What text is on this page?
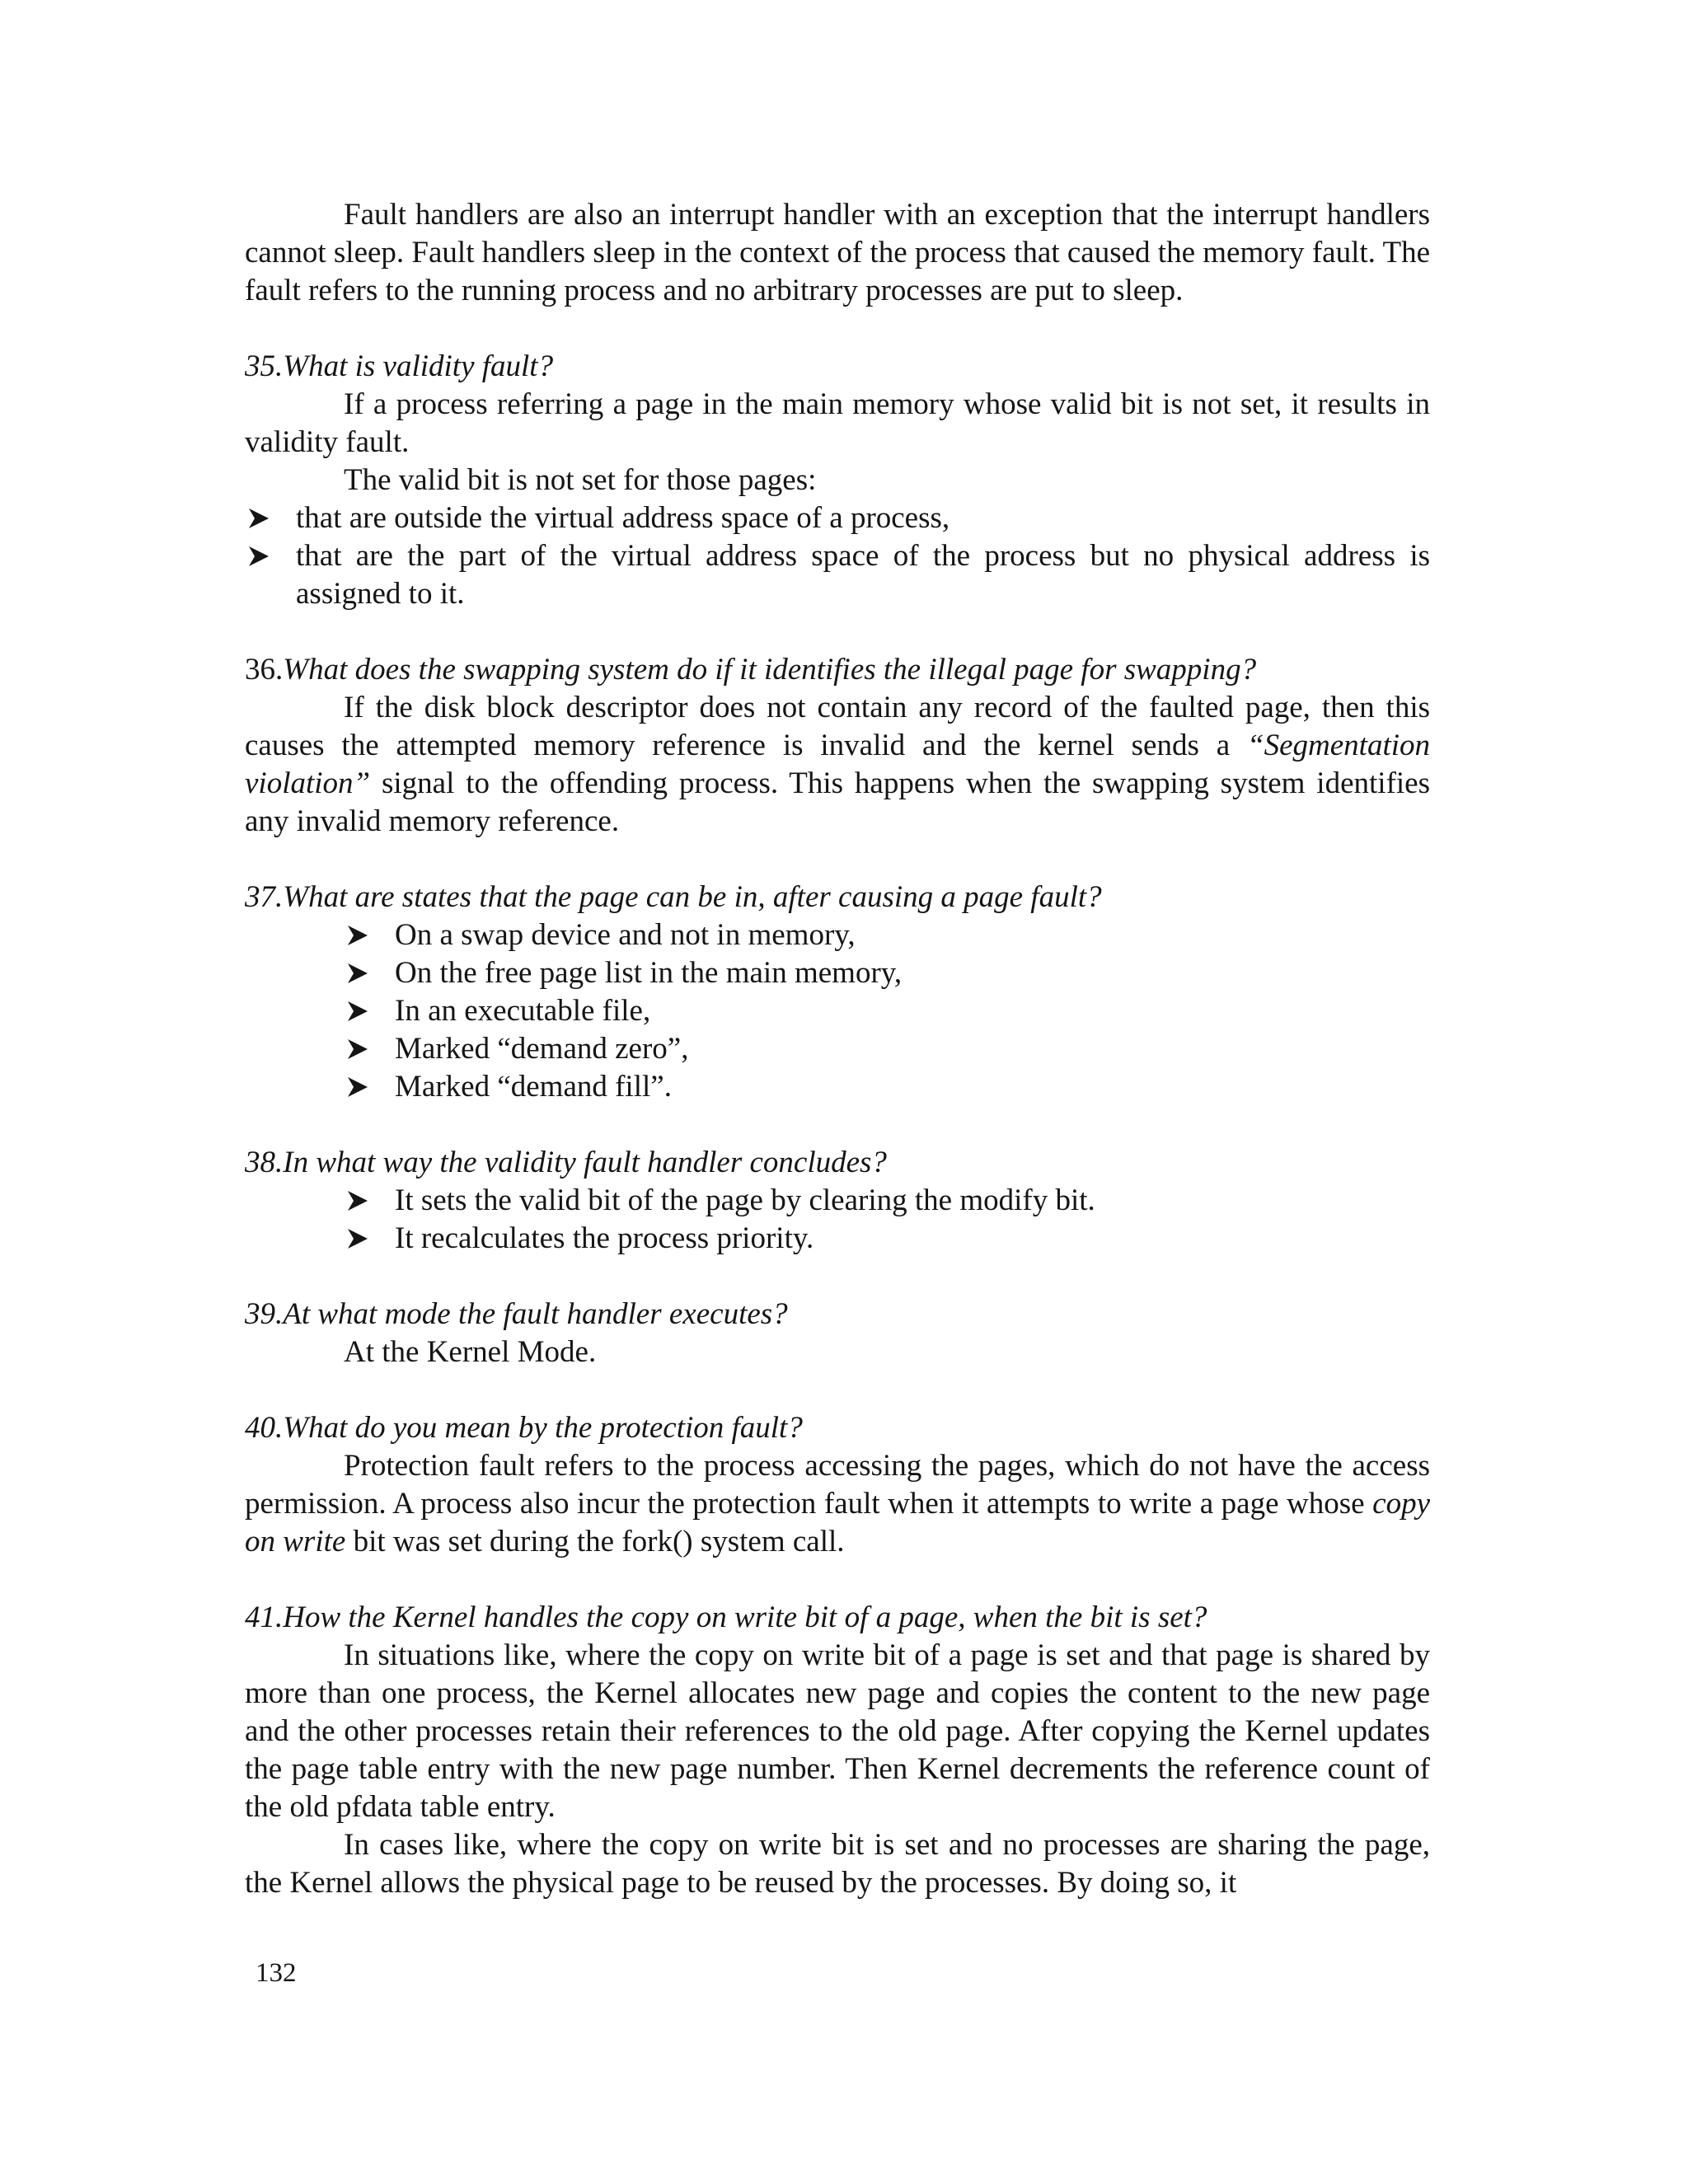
Fault handlers are also an interrupt handler with an exception that the interrupt handlers cannot sleep. Fault handlers sleep in the context of the process that caused the memory fault. The fault refers to the running process and no arbitrary processes are put to sleep.

35.What is validity fault?

If a process referring a page in the main memory whose valid bit is not set, it results in validity fault.

The valid bit is not set for those pages:

that are outside the virtual address space of a process,
that are the part of the virtual address space of the process but no physical address is assigned to it.

36.What does the swapping system do if it identifies the illegal page for swapping?

If the disk block descriptor does not contain any record of the faulted page, then this causes the attempted memory reference is invalid and the kernel sends a “Segmentation violation” signal to the offending process. This happens when the swapping system identifies any invalid memory reference.

37.What are states that the page can be in, after causing a page fault?

On a swap device and not in memory,
On the free page list in the main memory,
In an executable file,
Marked “demand zero”,
Marked “demand fill”.

38.In what way the validity fault handler concludes?

It sets the valid bit of the page by clearing the modify bit.
It recalculates the process priority.

39.At what mode the fault handler executes?

At the Kernel Mode.

40.What do you mean by the protection fault?

Protection fault refers to the process accessing the pages, which do not have the access permission. A process also incur the protection fault when it attempts to write a page whose copy on write bit was set during the fork() system call.

41.How the Kernel handles the copy on write bit of a page, when the bit is set?

In situations like, where the copy on write bit of a page is set and that page is shared by more than one process, the Kernel allocates new page and copies the content to the new page and the other processes retain their references to the old page. After copying the Kernel updates the page table entry with the new page number. Then Kernel decrements the reference count of the old pfdata table entry.

In cases like, where the copy on write bit is set and no processes are sharing the page, the Kernel allows the physical page to be reused by the processes. By doing so, it

132
